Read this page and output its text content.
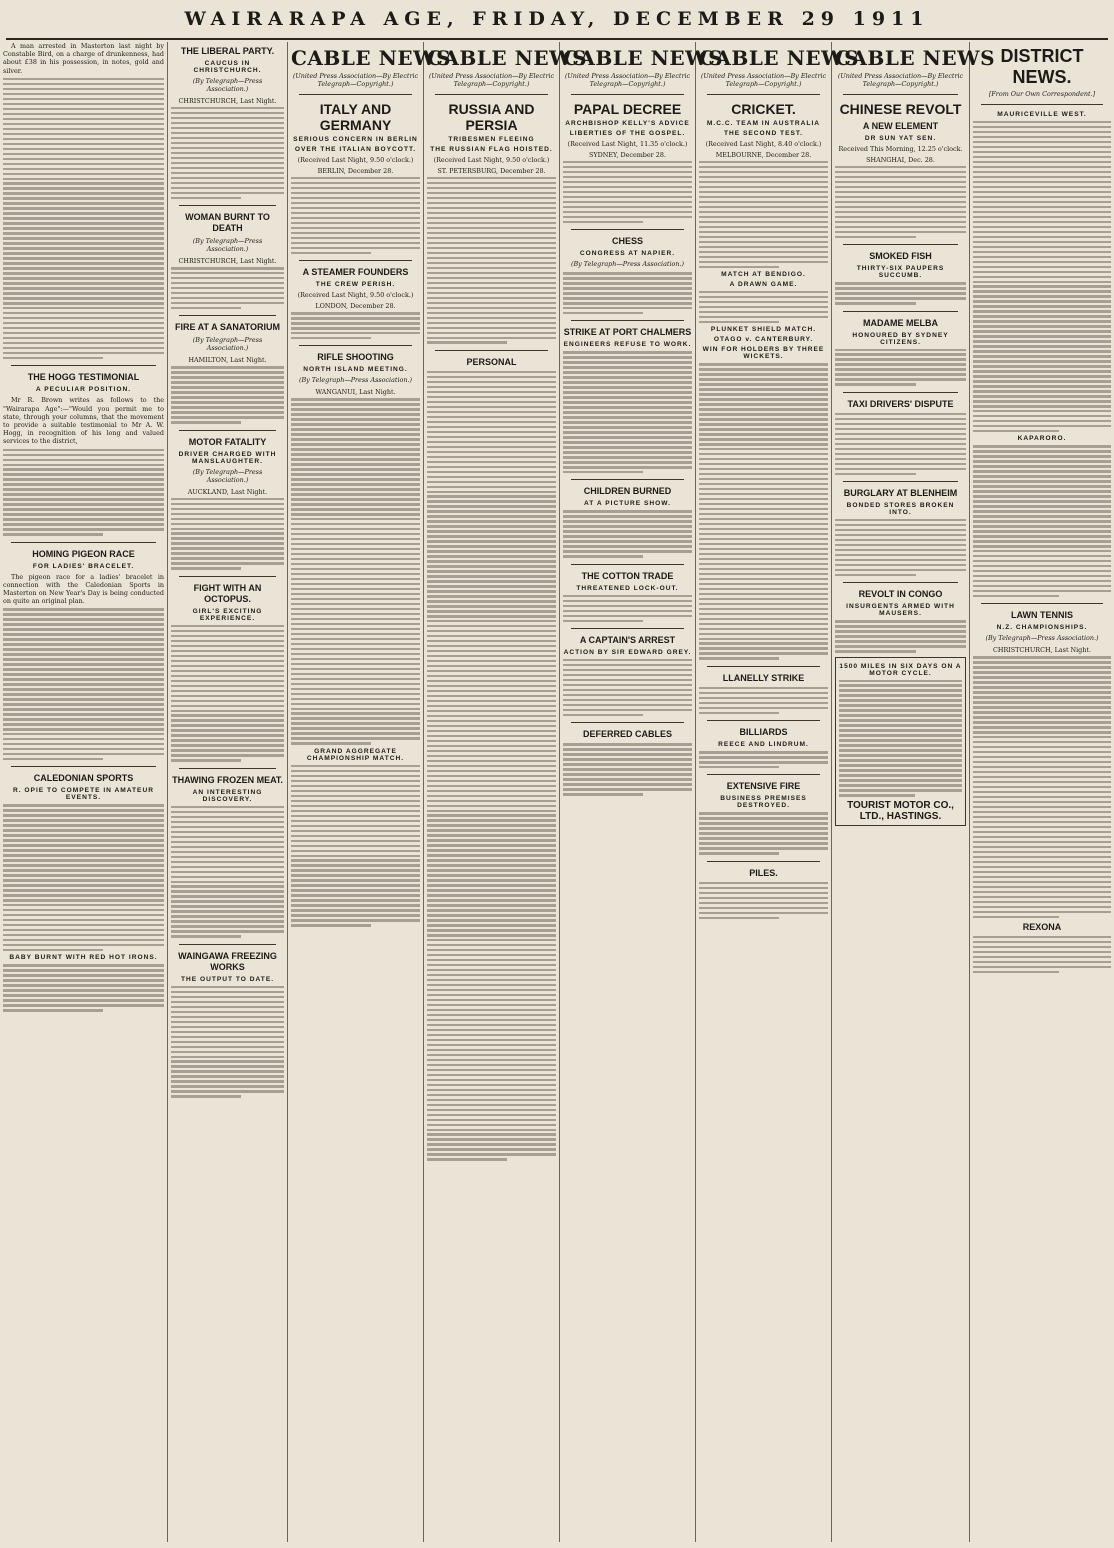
WAIRARAPA AGE, FRIDAY, DECEMBER 29 1911

A man arrested in Masterton last night by Constable Bird, on a charge of drunkenness, had about £38 in his possession, in notes, gold and silver.

THE HOGG TESTIMONIAL
A PECULIAR POSITION.

Mr R. Brown writes as follows to the "Wairarapa Age":—"Would you permit me to state, through your columns, that the movement to provide a suitable testimonial to Mr A. W. Hogg, in recognition of his long and valued services to the district,

HOMING PIGEON RACE
FOR LADIES' BRACELET.

The pigeon race for a ladies' bracelet in connection with the Caledonian Sports in Masterton on New Year's Day is being conducted on quite an original plan.

CALEDONIAN SPORTS
R. OPIE TO COMPETE IN AMATEUR EVENTS.
BABY BURNT WITH RED HOT IRONS.
THE LIBERAL PARTY.
CAUCUS IN CHRISTCHURCH.
(By Telegraph—Press Association.)
CHRISTCHURCH, Last Night.
WOMAN BURNT TO DEATH
(By Telegraph—Press Association.)
CHRISTCHURCH, Last Night.
FIRE AT A SANATORIUM
(By Telegraph—Press Association.)
HAMILTON, Last Night.
MOTOR FATALITY
DRIVER CHARGED WITH MANSLAUGHTER.
(By Telegraph—Press Association.)
AUCKLAND, Last Night.
FIGHT WITH AN OCTOPUS.
GIRL'S EXCITING EXPERIENCE.
THAWING FROZEN MEAT.
AN INTERESTING DISCOVERY.
WAINGAWA FREEZING WORKS
THE OUTPUT TO DATE.
CABLE NEWS
(United Press Association—By Electric Telegraph—Copyright.)
ITALY AND GERMANY
SERIOUS CONCERN IN BERLIN
OVER THE ITALIAN BOYCOTT.
(Received Last Night, 9.50 o'clock.)
BERLIN, December 28.
A STEAMER FOUNDERS
THE CREW PERISH.
(Received Last Night, 9.50 o'clock.)
LONDON, December 28.
RIFLE SHOOTING
NORTH ISLAND MEETING.
(By Telegraph—Press Association.)
WANGANUI, Last Night.
GRAND AGGREGATE CHAMPIONSHIP MATCH.
CABLE NEWS
(United Press Association—By Electric Telegraph—Copyright.)
RUSSIA AND PERSIA
TRIBESMEN FLEEING
THE RUSSIAN FLAG HOISTED.
(Received Last Night, 9.50 o'clock.)
ST. PETERSBURG, December 28.
PERSONAL
CABLE NEWS
(United Press Association—By Electric Telegraph—Copyright.)
PAPAL DECREE
ARCHBISHOP KELLY'S ADVICE
LIBERTIES OF THE GOSPEL.
(Received Last Night, 11.35 o'clock.)
SYDNEY, December 28.
CHESS
CONGRESS AT NAPIER.
(By Telegraph—Press Association.)
STRIKE AT PORT CHALMERS
ENGINEERS REFUSE TO WORK.
CHILDREN BURNED
AT A PICTURE SHOW.
THE COTTON TRADE
THREATENED LOCK-OUT.
A CAPTAIN'S ARREST
ACTION BY SIR EDWARD GREY.
DEFERRED CABLES
CABLE NEWS
(United Press Association—By Electric Telegraph—Copyright.)
CRICKET.
M.C.C. TEAM IN AUSTRALIA
THE SECOND TEST.
(Received Last Night, 8.40 o'clock.)
MELBOURNE, December 28.
MATCH AT BENDIGO.
A DRAWN GAME.
PLUNKET SHIELD MATCH.
OTAGO v. CANTERBURY.
WIN FOR HOLDERS BY THREE WICKETS.
LLANELLY STRIKE
BILLIARDS
REECE AND LINDRUM.
EXTENSIVE FIRE
BUSINESS PREMISES DESTROYED.
PILES.
CABLE NEWS
(United Press Association—By Electric Telegraph—Copyright.)
CHINESE REVOLT
A NEW ELEMENT
DR SUN YAT SEN.
Received This Morning, 12.25 o'clock.
SHANGHAI, Dec. 28.
SMOKED FISH
THIRTY-SIX PAUPERS SUCCUMB.
MADAME MELBA
HONOURED BY SYDNEY CITIZENS.
TAXI DRIVERS' DISPUTE
BURGLARY AT BLENHEIM
BONDED STORES BROKEN INTO.
REVOLT IN CONGO
INSURGENTS ARMED WITH MAUSERS.
1500 MILES IN SIX DAYS ON A MOTOR CYCLE.
TOURIST MOTOR CO., LTD., HASTINGS.
DISTRICT NEWS.
[From Our Own Correspondent.]
MAURICEVILLE WEST.
KAPARORO.
LAWN TENNIS
N.Z. CHAMPIONSHIPS.
(By Telegraph—Press Association.)
CHRISTCHURCH, Last Night.
REXONA
